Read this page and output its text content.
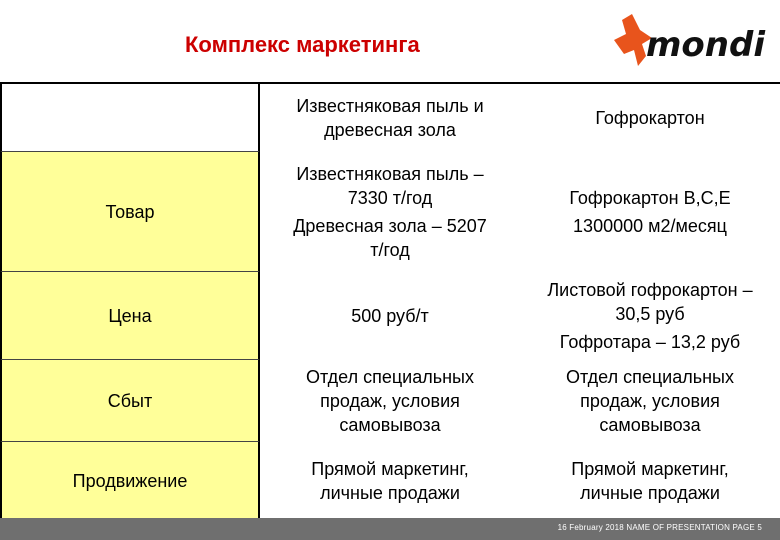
Комплекс маркетинга	mondi
Известняковая пыль и
древесная зола
Гофрокартон
Товар
Известняковая пыль –
7330 т/год
Древесная зола – 5207
т/год
Гофрокартон B,C,E
1300000 м2/месяц
Цена	500 руб/т
Листовой гофрокартон –
30,5 руб
Гофротара – 13,2 руб
Сбыт
Отдел специальных
продаж, условия
самовывоза
Отдел специальных
продаж, условия
самовывоза
Продвижение
Прямой маркетинг,
личные продажи
Прямой маркетинг,
личные продажи
16 February 2018 NAME OF PRESENTATION PAGE 5
